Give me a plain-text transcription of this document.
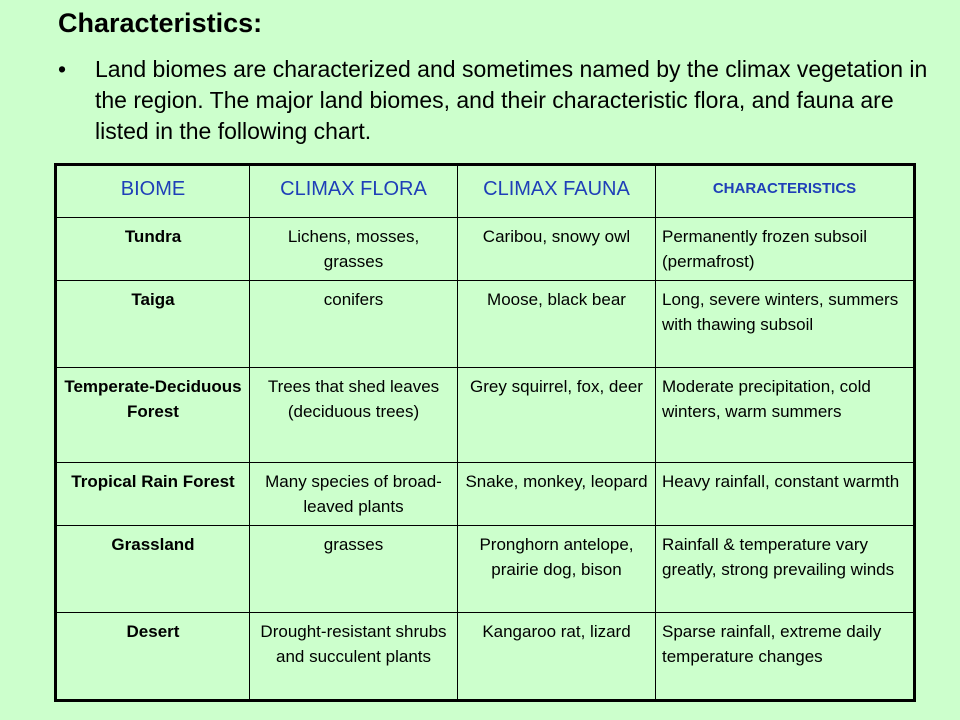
Characteristics:
•	Land biomes are characterized and sometimes named by the climax vegetation in the region. The major land biomes, and their characteristic flora, and fauna are listed in the following chart.
BIOME	CLIMAX FLORA	CLIMAX FAUNA	CHARACTERISTICS
Tundra	Lichens, mosses, grasses	Caribou, snowy owl	Permanently frozen subsoil (permafrost)
Taiga	conifers	Moose, black bear	Long, severe winters, summers with thawing subsoil
Temperate-Deciduous Forest	Trees that shed leaves (deciduous trees)	Grey squirrel, fox, deer	Moderate precipitation, cold winters, warm summers
Tropical Rain Forest	Many species of broad-leaved plants	Snake, monkey, leopard	Heavy rainfall, constant warmth
Grassland	grasses	Pronghorn antelope, prairie dog, bison	Rainfall & temperature vary greatly, strong prevailing winds
Desert	Drought-resistant shrubs and succulent plants	Kangaroo rat, lizard	Sparse rainfall, extreme daily temperature changes
